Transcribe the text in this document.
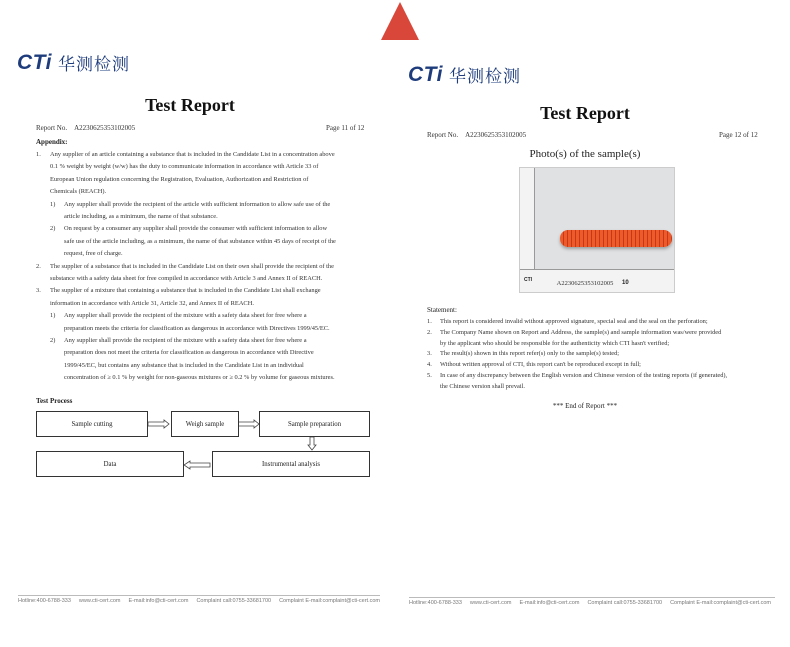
CTi 华测检测
Test Report
Report No. A2230625353102005	Page 11 of 12
Appendix:
1. Any supplier of an article containing a substance that is included in the Candidate List in a concentration above
0.1 % weight by weight (w/w) has the duty to communicate information in accordance with Article 33 of
European Union regulation concerning the Registration, Evaluation, Authorization and Restriction of
Chemicals (REACH).
1) Any supplier shall provide the recipient of the article with sufficient information to allow safe use of the
article including, as a minimum, the name of that substance.
2) On request by a consumer any supplier shall provide the consumer with sufficient information to allow
safe use of the article including, as a minimum, the name of that substance within 45 days of receipt of the
request, free of charge.
2. The supplier of a substance that is included in the Candidate List on their own shall provide the recipient of the
substance with a safety data sheet for free compiled in accordance with Article 3 and Annex II of REACH.
3. The supplier of a mixture that containing a substance that is included in the Candidate List shall exchange
information in accordance with Article 31, Article 32, and Annex II of REACH.
1) Any supplier shall provide the recipient of the mixture with a safety data sheet for free where a
preparation meets the criteria for classification as dangerous in accordance with Directives 1999/45/EC.
2) Any supplier shall provide the recipient of the mixture with a safety data sheet for free where a
preparation does not meet the criteria for classification as dangerous in accordance with Directive
1999/45/EC, but contains any substance that is included in the Candidate List in an individual
concentration of ≥ 0.1 % by weight for non-gaseous mixtures or ≥ 0.2 % by volume for gaseous mixtures.
Test Process
Sample cutting	Weigh sample	Sample preparation
Instrumental analysis
Data
Hotline:400-6788-333 www.cti-cert.com E-mail:info@cti-cert.com Complaint call:0755-33681700 Complaint E-mail:complaint@cti-cert.com
CTi 华测检测
Test Report
Report No. A2230625353102005	Page 12 of 12
Photo(s) of the sample(s)
CTI	10
A2230625353102005
Statement:
1. This report is considered invalid without approved signature, special seal and the seal on the perforation;
2. The Company Name shown on Report and Address, the sample(s) and sample information was/were provided
by the applicant who should be responsible for the authenticity which CTI hasn't verified;
3. The result(s) shown in this report refer(s) only to the sample(s) tested;
4. Without written approval of CTI, this report can't be reproduced except in full;
5. In case of any discrepancy between the English version and Chinese version of the testing reports (if generated),
the Chinese version shall prevail.
*** End of Report ***
Hotline:400-6788-333 www.cti-cert.com E-mail:info@cti-cert.com Complaint call:0755-33681700 Complaint E-mail:complaint@cti-cert.com
